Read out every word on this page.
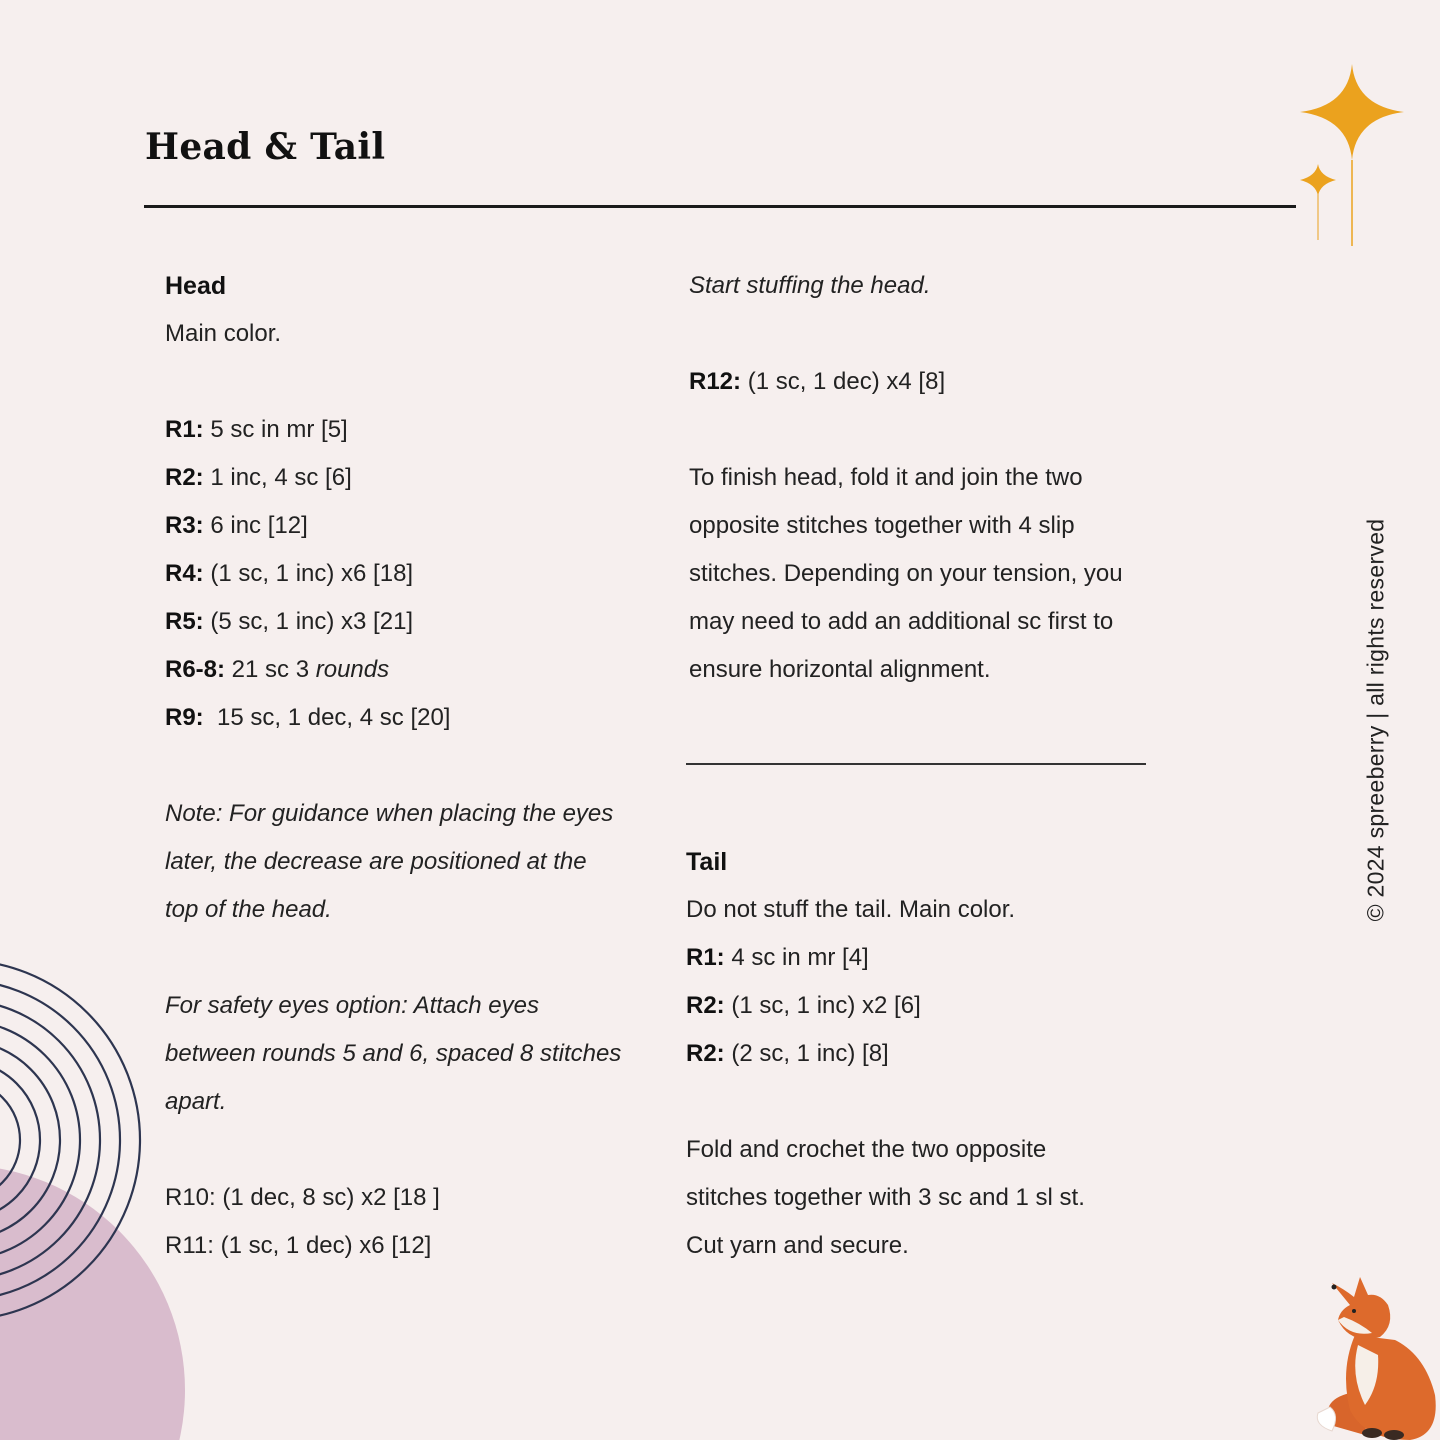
Head & Tail
Head
Main color.
R1: 5 sc in mr [5]
R2: 1 inc, 4 sc [6]
R3: 6 inc [12]
R4: (1 sc, 1 inc) x6 [18]
R5: (5 sc, 1 inc) x3 [21]
R6-8: 21 sc 3 rounds
R9:  15 sc, 1 dec, 4 sc [20]
Note: For guidance when placing the eyes
later, the decrease are positioned at the
top of the head.
For safety eyes option: Attach eyes
between rounds 5 and 6, spaced 8 stitches
apart.
R10: (1 dec, 8 sc) x2 [18 ]
R11: (1 sc, 1 dec) x6 [12]
Start stuffing the head.
R12: (1 sc, 1 dec) x4 [8]
To finish head, fold it and join the two
opposite stitches together with 4 slip
stitches. Depending on your tension, you
may need to add an additional sc first to
ensure horizontal alignment.
Tail
Do not stuff the tail. Main color.
R1: 4 sc in mr [4]
R2: (1 sc, 1 inc) x2 [6]
R2: (2 sc, 1 inc) [8]
Fold and crochet the two opposite
stitches together with 3 sc and 1 sl st.
Cut yarn and secure.
© 2024 spreeberry | all rights reserved
